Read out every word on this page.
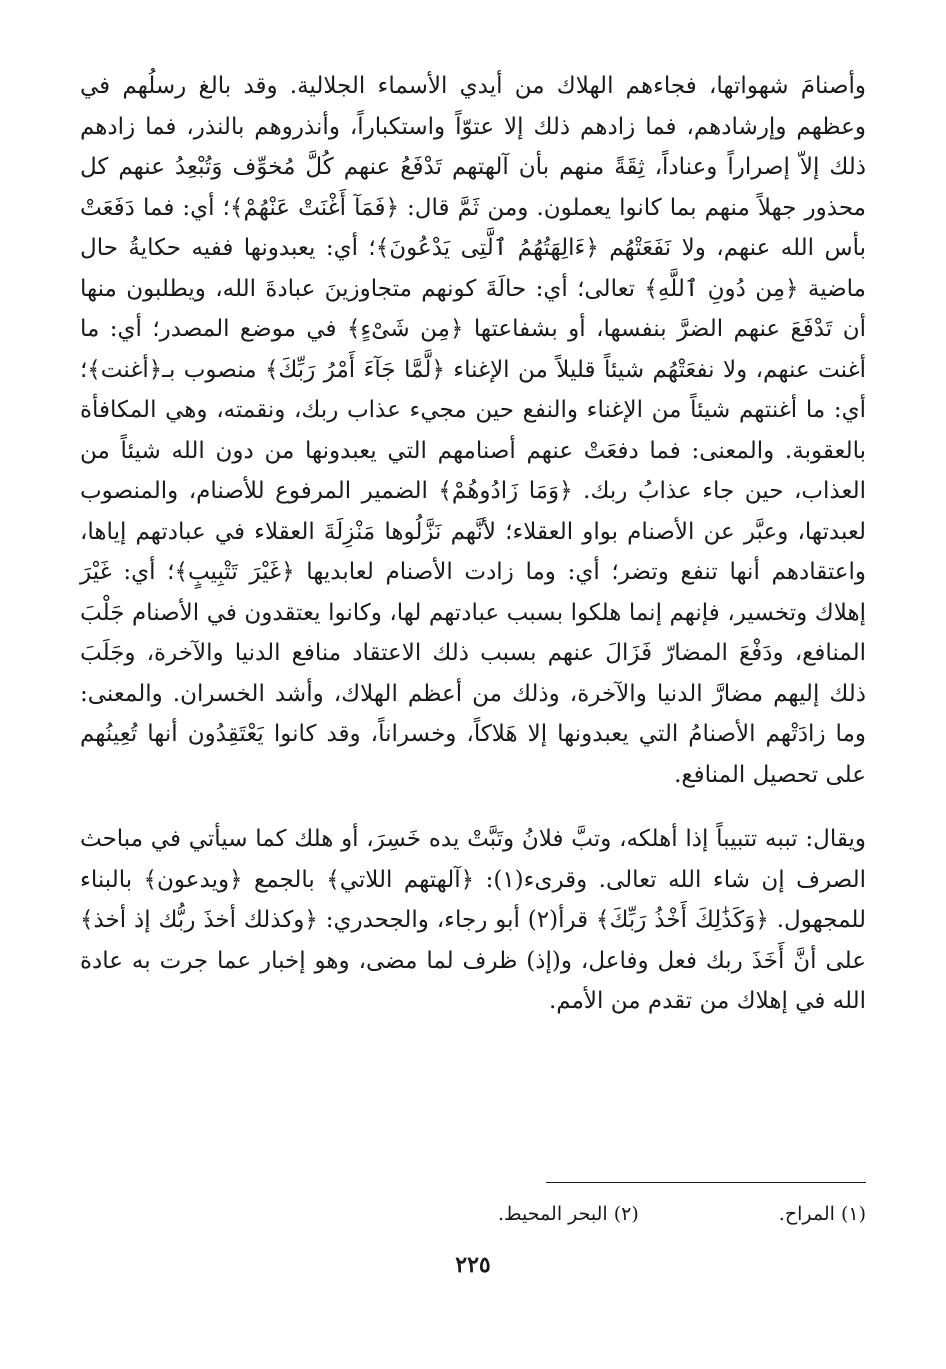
وأصنامَ شهواتها، فجاءهم الهلاك من أيدي الأسماء الجلالية. وقد بالغ رسلُهم في وعظهم وإرشادهم، فما زادهم ذلك إلا عتوّاً واستكباراً، وأنذروهم بالنذر، فما زادهم ذلك إلاّ إصراراً وعناداً، ثِقَةً منهم بأن آلهتهم تَدْفَعُ عنهم كُلَّ مُخوِّف وَتُبْعِدُ عنهم كل محذور جهلاً منهم بما كانوا يعملون. ومن ثَمَّ قال: ﴿فَمَآ أَغْنَتْ عَنْهُمْ﴾؛ أي: فما دَفَعَتْ بأس الله عنهم، ولا نَفَعَتْهُم ﴿ءَالِهَتُهُمُ ٱلَّتِى يَدْعُونَ﴾؛ أي: يعبدونها ففيه حكايةُ حال ماضية ﴿مِن دُونِ ٱللَّهِ﴾ تعالى؛ أي: حالَةَ كونهم متجاوزينَ عبادةَ الله، ويطلبون منها أن تَدْفَعَ عنهم الضرَّ بنفسها، أو بشفاعتها ﴿مِن شَىْءٍ﴾ في موضع المصدر؛ أي: ما أغنت عنهم، ولا نفعَتْهُم شيئاً قليلاً من الإغناء ﴿لَّمَّا جَآءَ أَمْرُ رَبِّكَ﴾ منصوب بـ﴿أغنت﴾؛ أي: ما أغنتهم شيئاً من الإغناء والنفع حين مجيء عذاب ربك، ونقمته، وهي المكافأة بالعقوبة. والمعنى: فما دفعَتْ عنهم أصنامهم التي يعبدونها من دون الله شيئاً من العذاب، حين جاء عذابُ ربك. ﴿وَمَا زَادُوهُمْ﴾ الضمير المرفوع للأصنام، والمنصوب لعبدتها، وعبَّر عن الأصنام بواو العقلاء؛ لأنَّهم نَزَّلُوها مَنْزِلَةَ العقلاء في عبادتهم إياها، واعتقادهم أنها تنفع وتضر؛ أي: وما زادت الأصنام لعابديها ﴿غَيْرَ تَتْبِيبٍ﴾؛ أي: غَيْرَ إهلاك وتخسير، فإنهم إنما هلكوا بسبب عبادتهم لها، وكانوا يعتقدون في الأصنام جَلْبَ المنافع، ودَفْعَ المضارّ فَزَالَ عنهم بسبب ذلك الاعتقاد منافع الدنيا والآخرة، وجَلَبَ ذلك إليهم مضارَّ الدنيا والآخرة، وذلك من أعظم الهلاك، وأشد الخسران. والمعنى: وما زادَتْهم الأصنامُ التي يعبدونها إلا هَلاكاً، وخسراناً، وقد كانوا يَعْتَقِدُون أنها تُعِينُهم على تحصيل المنافع.

ويقال: تببه تتبيباً إذا أهلكه، وتبَّ فلانُ وتَبَّتْ يده خَسِرَ، أو هلك كما سيأتي في مباحث الصرف إن شاء الله تعالى. وقرىء(١): ﴿آلهتهم اللاتي﴾ بالجمع ﴿ويدعون﴾ بالبناء للمجهول. ﴿وَكَذَٰلِكَ أَخْذُ رَبِّكَ﴾ قرأ(٢) أبو رجاء، والجحدري: ﴿وكذلك أخذَ ربُّك إذ أخذ﴾ على أنَّ أَخَذَ ربك فعل وفاعل، و(إذ) ظرف لما مضى، وهو إخبار عما جرت به عادة الله في إهلاك من تقدم من الأمم.

(١) المراح.
(٢) البحر المحيط.
٢٢٥
